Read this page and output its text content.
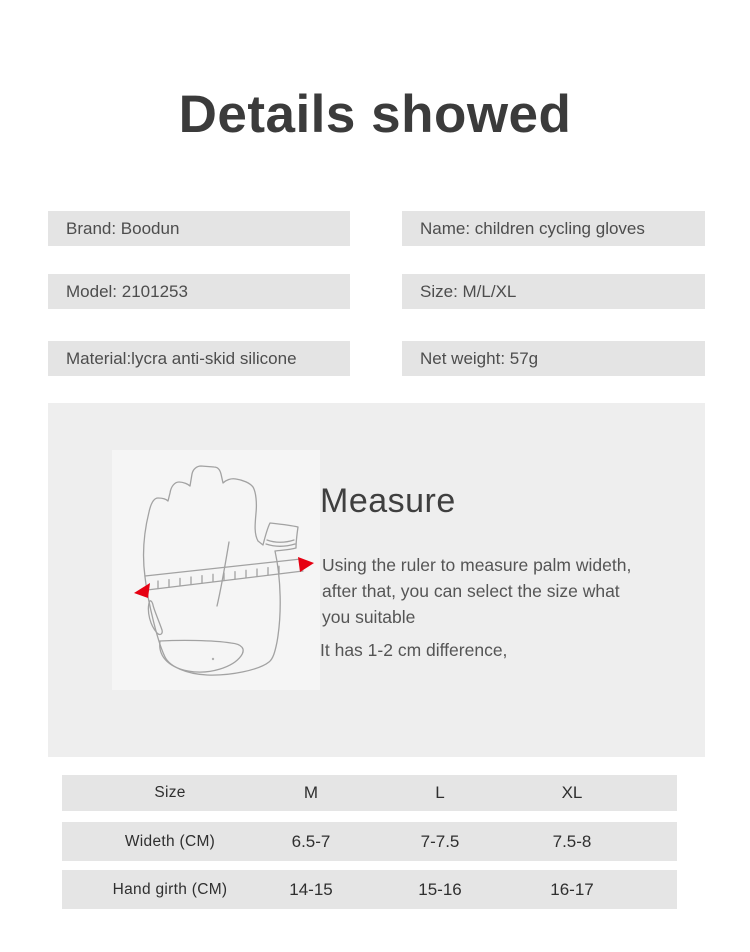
Details showed
Brand: Boodun	Name: children cycling gloves
Model: 2101253	Size: M/L/XL
Material:lycra anti-skid silicone	Net weight: 57g
Measure

Using the ruler to measure palm wideth, after that, you can select the size what you suitable

It has 1-2 cm difference,

Size	M	L	XL
Wideth (CM)	6.5-7	7-7.5	7.5-8
Hand girth (CM)	14-15	15-16	16-17
